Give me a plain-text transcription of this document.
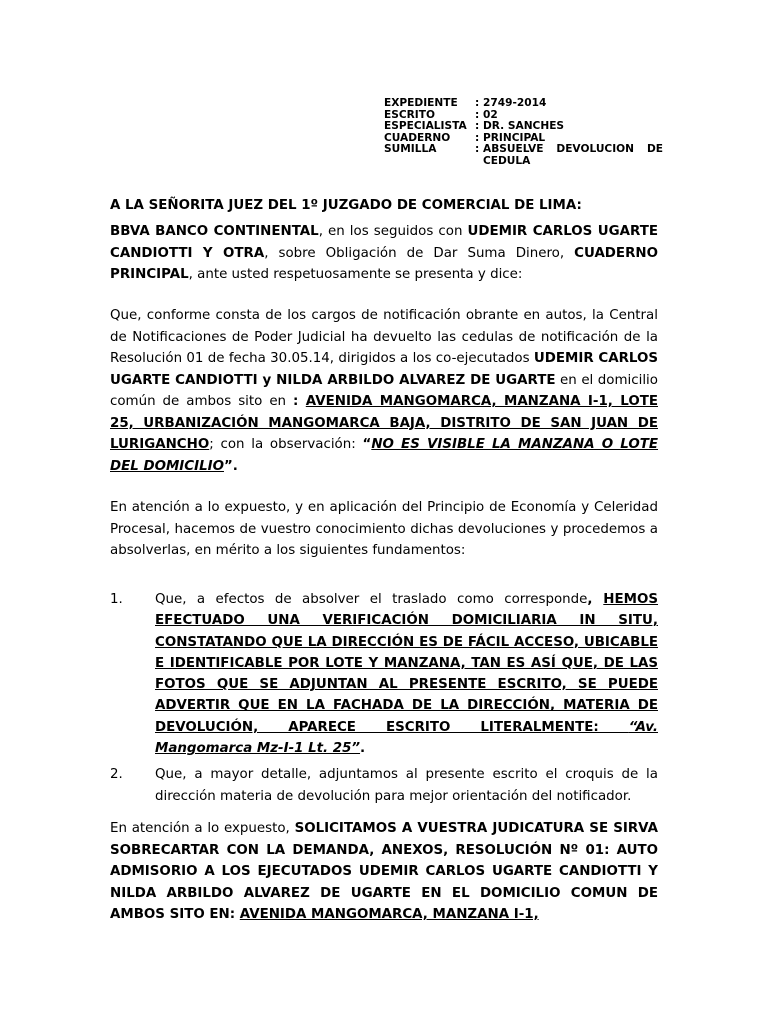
EXPEDIENTE	: 2749-2014
ESCRITO	: 02
ESPECIALISTA : DR. SANCHES
CUADERNO	: PRINCIPAL
SUMILLA	: ABSUELVE DEVOLUCION DE
CEDULA
A LA SEÑORITA JUEZ DEL 1º JUZGADO DE COMERCIAL DE LIMA:
BBVA BANCO CONTINENTAL, en los seguidos con UDEMIR CARLOS UGARTE CANDIOTTI Y OTRA, sobre Obligación de Dar Suma Dinero, CUADERNO PRINCIPAL, ante usted respetuosamente se presenta y dice:
Que, conforme consta de los cargos de notificación obrante en autos, la Central de Notificaciones de Poder Judicial ha devuelto las cedulas de notificación de la Resolución 01 de fecha 30.05.14, dirigidos a los co-ejecutados UDEMIR CARLOS UGARTE CANDIOTTI y NILDA ARBILDO ALVAREZ DE UGARTE en el domicilio común de ambos sito en : AVENIDA MANGOMARCA, MANZANA I-1, LOTE 25, URBANIZACIÓN MANGOMARCA BAJA, DISTRITO DE SAN JUAN DE LURIGANCHO; con la observación: “NO ES VISIBLE LA MANZANA O LOTE DEL DOMICILIO”.
En atención a lo expuesto, y en aplicación del Principio de Economía y Celeridad Procesal, hacemos de vuestro conocimiento dichas devoluciones y procedemos a absolverlas, en mérito a los siguientes fundamentos:
1.	Que, a efectos de absolver el traslado como corresponde, HEMOS EFECTUADO UNA VERIFICACIÓN DOMICILIARIA IN SITU, CONSTATANDO QUE LA DIRECCIÓN ES DE FÁCIL ACCESO, UBICABLE E IDENTIFICABLE POR LOTE Y MANZANA, TAN ES ASÍ QUE, DE LAS FOTOS QUE SE ADJUNTAN AL PRESENTE ESCRITO, SE PUEDE ADVERTIR QUE EN LA FACHADA DE LA DIRECCIÓN, MATERIA DE DEVOLUCIÓN, APARECE ESCRITO LITERALMENTE: “Av. Mangomarca Mz-I-1 Lt. 25”.
2.	Que, a mayor detalle, adjuntamos al presente escrito el croquis de la dirección materia de devolución para mejor orientación del notificador.
En atención a lo expuesto, SOLICITAMOS A VUESTRA JUDICATURA SE SIRVA SOBRECARTAR CON LA DEMANDA, ANEXOS, RESOLUCIÓN Nº 01: AUTO ADMISORIO A LOS EJECUTADOS UDEMIR CARLOS UGARTE CANDIOTTI Y NILDA ARBILDO ALVAREZ DE UGARTE EN EL DOMICILIO COMUN DE AMBOS SITO EN: AVENIDA MANGOMARCA, MANZANA I-1,
